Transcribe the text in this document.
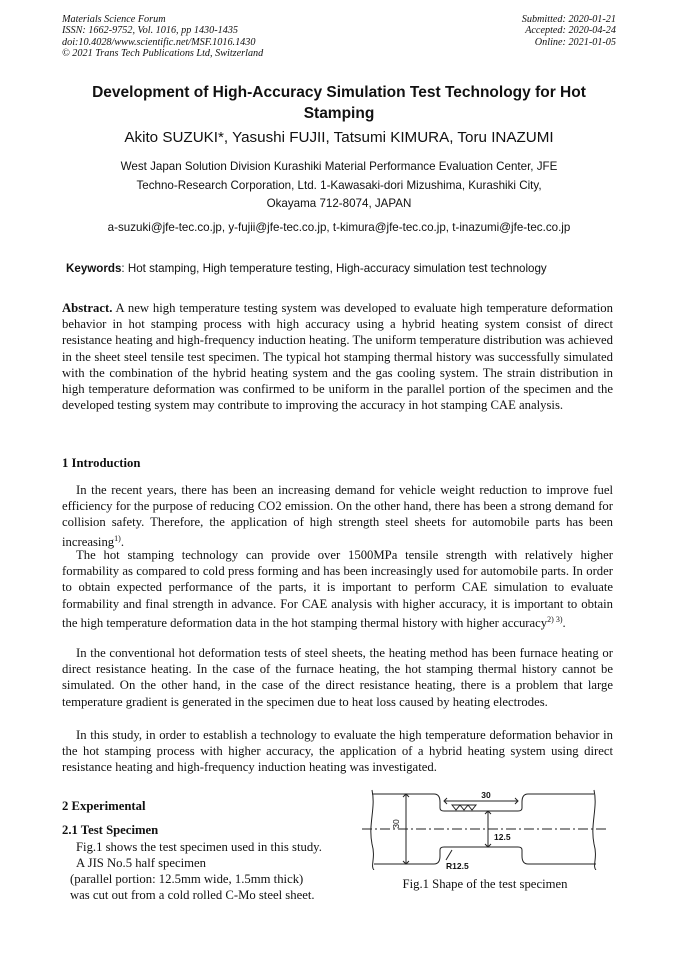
Materials Science Forum
ISSN: 1662-9752, Vol. 1016, pp 1430-1435
doi:10.4028/www.scientific.net/MSF.1016.1430
© 2021 Trans Tech Publications Ltd, Switzerland
Submitted: 2020-01-21
Accepted: 2020-04-24
Online: 2021-01-05
Development of High-Accuracy Simulation Test Technology for Hot Stamping
Akito SUZUKI*, Yasushi FUJII, Tatsumi KIMURA, Toru INAZUMI
West Japan Solution Division Kurashiki Material Performance Evaluation Center, JFE
Techno-Research Corporation, Ltd. 1-Kawasaki-dori Mizushima, Kurashiki City,
Okayama 712-8074, JAPAN
a-suzuki@jfe-tec.co.jp, y-fujii@jfe-tec.co.jp, t-kimura@jfe-tec.co.jp, t-inazumi@jfe-tec.co.jp
Keywords: Hot stamping, High temperature testing, High-accuracy simulation test technology

Abstract. A new high temperature testing system was developed to evaluate high temperature deformation behavior in hot stamping process with high accuracy using a hybrid heating system consist of direct resistance heating and high-frequency induction heating. The uniform temperature distribution was achieved in the sheet steel tensile test specimen. The typical hot stamping thermal history was successfully simulated with the combination of the hybrid heating system and the gas cooling system. The strain distribution in high temperature deformation was confirmed to be uniform in the parallel portion of the specimen and the developed testing system may contribute to improving the accuracy in hot stamping CAE analysis.

1 Introduction

In the recent years, there has been an increasing demand for vehicle weight reduction to improve fuel efficiency for the purpose of reducing CO2 emission. On the other hand, there has been a strong demand for collision safety. Therefore, the application of high strength steel sheets for automobile parts has been increasing$^{1)}$.

The hot stamping technology can provide over 1500MPa tensile strength with relatively higher formability as compared to cold press forming and has been increasingly used for automobile parts. In order to obtain expected performance of the parts, it is important to perform CAE simulation to evaluate formability and final strength in advance. For CAE analysis with higher accuracy, it is important to obtain the high temperature deformation data in the hot stamping thermal history with higher accuracy$^{2) 3)}$.

In the conventional hot deformation tests of steel sheets, the heating method has been furnace heating or direct resistance heating. In the case of the furnace heating, the hot stamping thermal history cannot be simulated. On the other hand, in the case of the direct resistance heating, there is a problem that large temperature gradient is generated in the specimen due to heat loss caused by heating electrodes.

In this study, in order to establish a technology to evaluate the high temperature deformation behavior in the hot stamping process with higher accuracy, the application of a hybrid heating system using direct resistance heating and high-frequency induction heating was investigated.

2 Experimental
2.1 Test Specimen
Fig.1 shows the test specimen used in this study.
A JIS No.5 half specimen
(parallel portion: 12.5mm wide, 1.5mm thick)
was cut out from a cold rolled C-Mo steel sheet.
30
30
12.5
R12.5
Fig.1 Shape of the test specimen
